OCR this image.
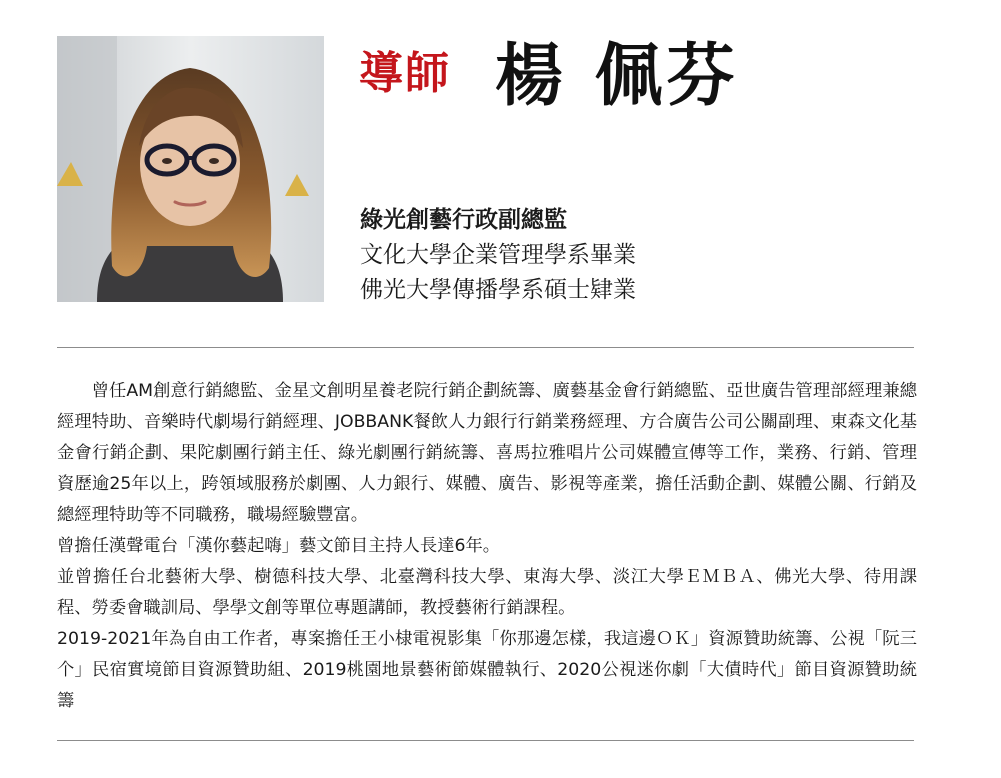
導師 楊 佩芬
綠光創藝行政副總監
文化大學企業管理學系畢業
佛光大學傳播學系碩士肄業

曾任AM創意行銷總監、金星文創明星養老院行銷企劃統籌、廣藝基金會行銷總監、亞世廣告管理部經理兼總經理特助、音樂時代劇場行銷經理、JOBBANK餐飲人力銀行行銷業務經理、方合廣告公司公關副理、東森文化基金會行銷企劃、果陀劇團行銷主任、綠光劇團行銷統籌、喜馬拉雅唱片公司媒體宣傳等工作，業務、行銷、管理資歷逾25年以上，跨領域服務於劇團、人力銀行、媒體、廣告、影視等產業，擔任活動企劃、媒體公關、行銷及總經理特助等不同職務，職場經驗豐富。

曾擔任漢聲電台「漢你藝起嗨」藝文節目主持人長達6年。

並曾擔任台北藝術大學、樹德科技大學、北臺灣科技大學、東海大學、淡江大學ＥＭＢＡ、佛光大學、待用課程、勞委會職訓局、學學文創等單位專題講師，教授藝術行銷課程。

2019-2021年為自由工作者，專案擔任王小棣電視影集「你那邊怎樣，我這邊ＯＫ」資源贊助統籌、公視「阮三个」民宿實境節目資源贊助組、2019桃園地景藝術節媒體執行、2020公視迷你劇「大債時代」節目資源贊助統籌
